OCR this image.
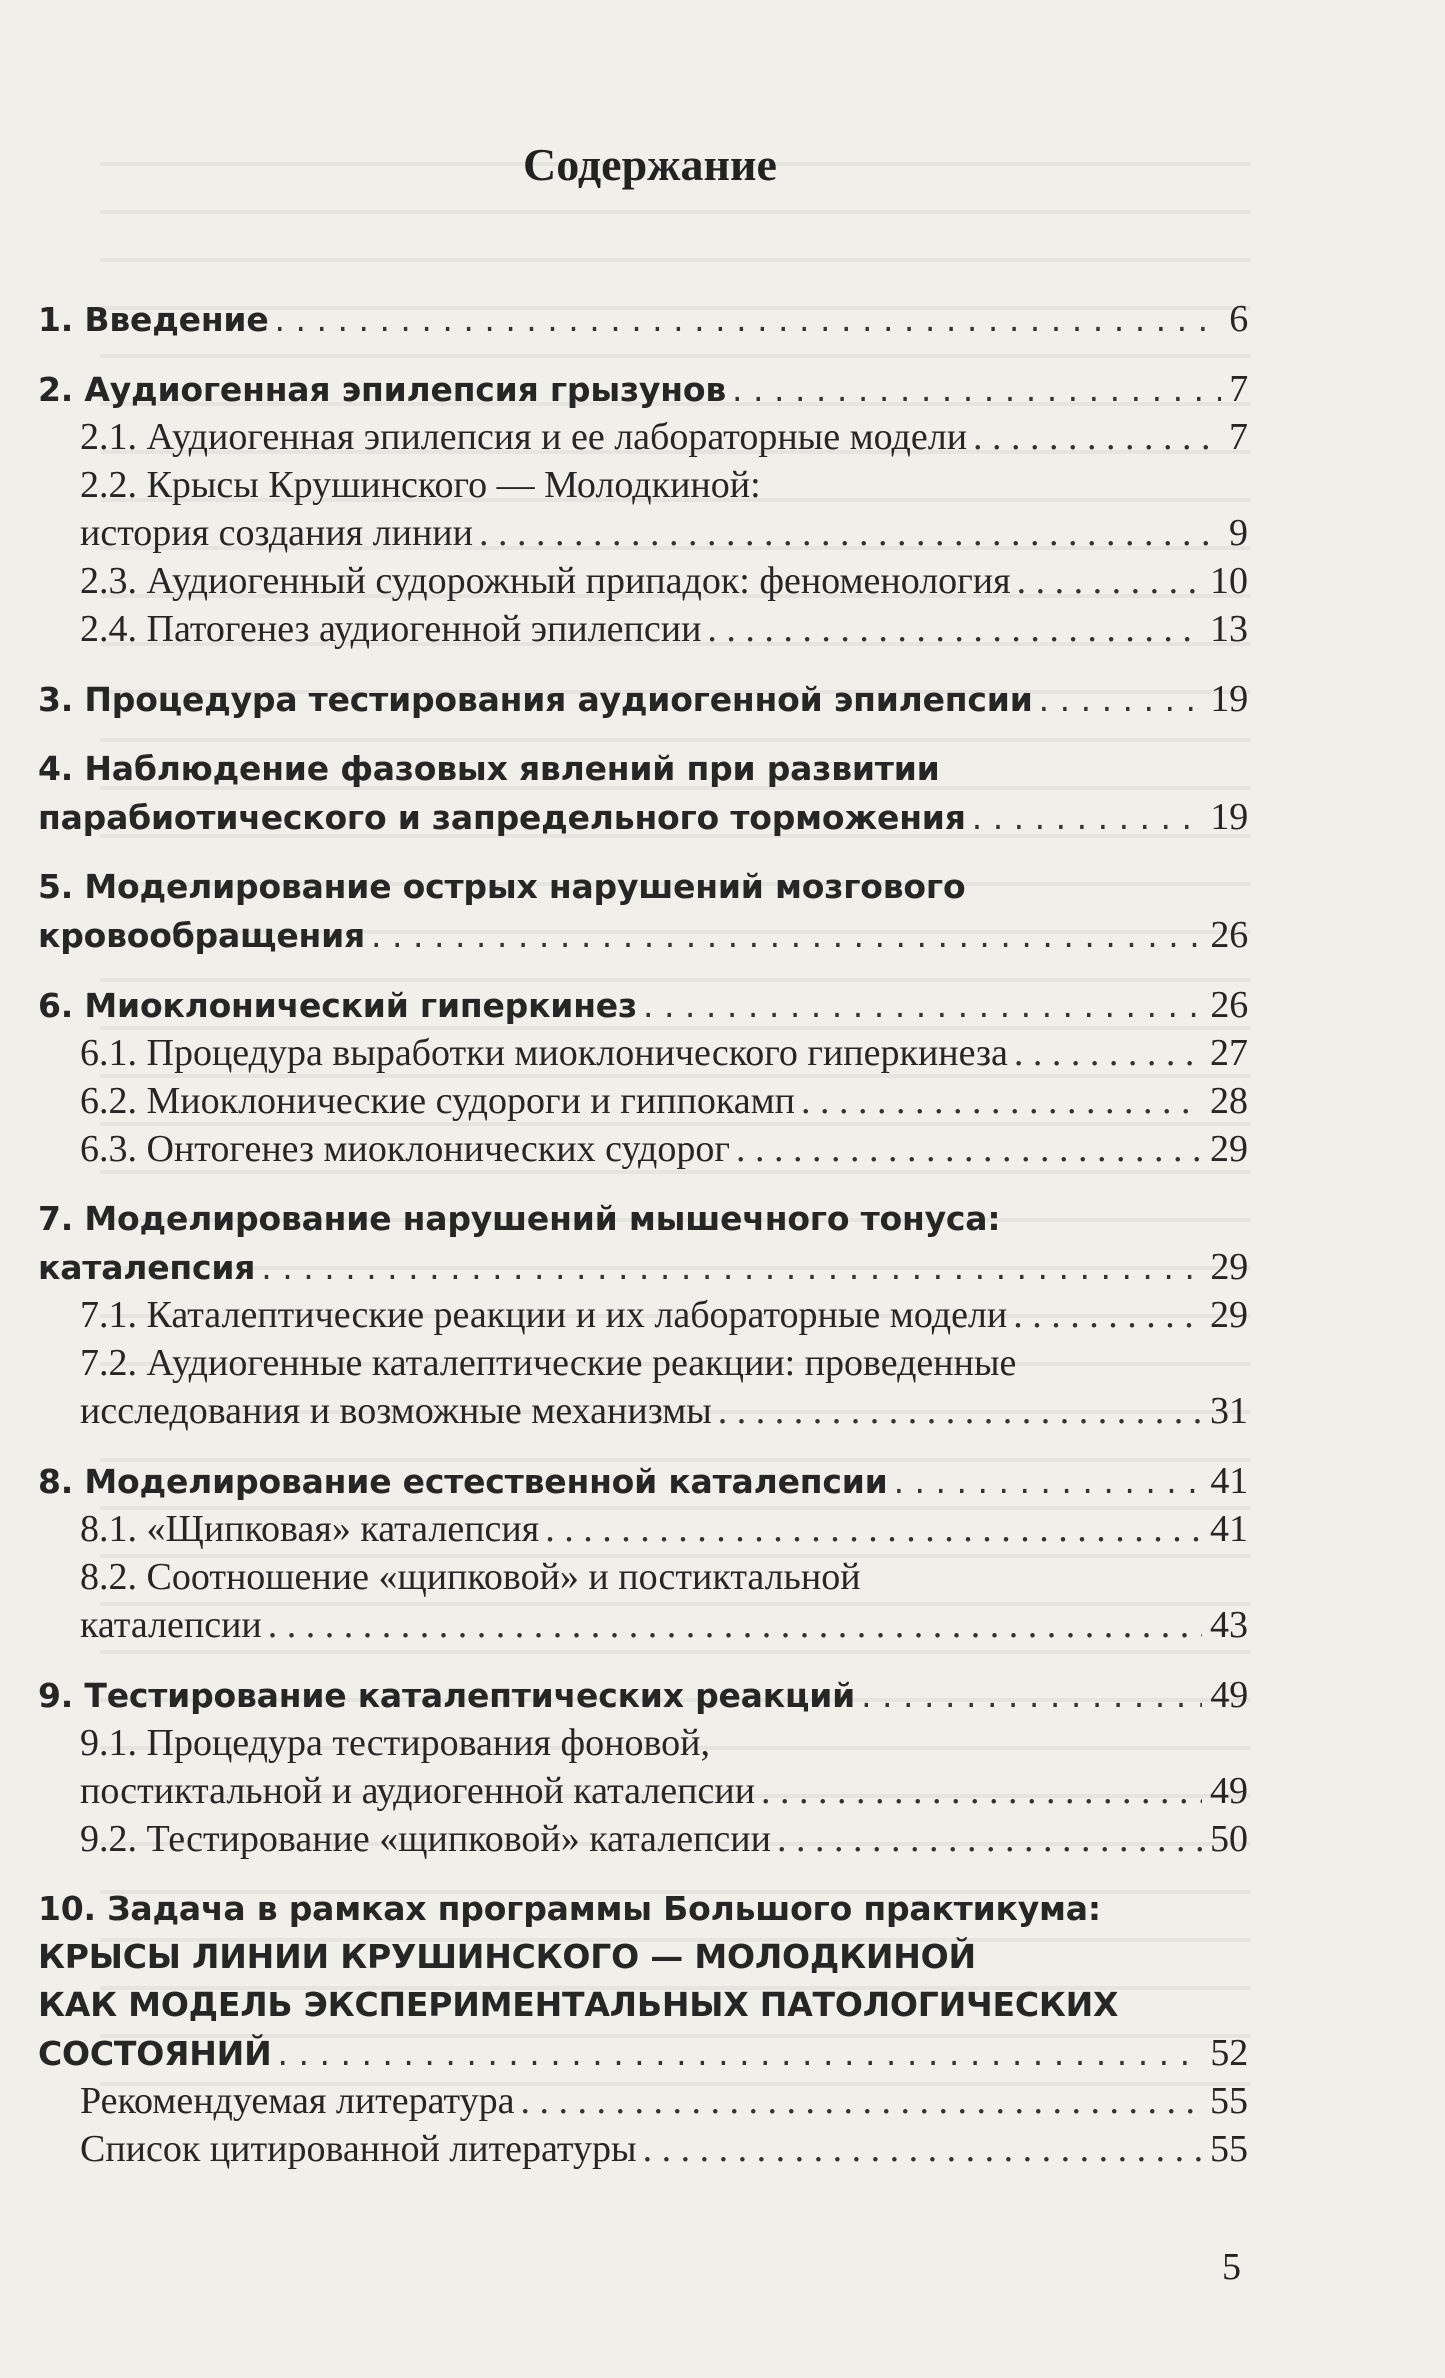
Содержание
1. Введение . . .	6
2. Аудиогенная эпилепсия грызунов . . .	7
2.1. Аудиогенная эпилепсия и ее лабораторные модели . . .	7
2.2. Крысы Крушинского — Молодкиной:
история создания линии . . .	9
2.3. Аудиогенный судорожный припадок: феноменология . . .	10
2.4. Патогенез аудиогенной эпилепсии . . .	13
3. Процедура тестирования аудиогенной эпилепсии . . .	19
4. Наблюдение фазовых явлений при развитии
парабиотического и запредельного торможения . . .	19
5. Моделирование острых нарушений мозгового
кровообращения . . .	26
6. Миоклонический гиперкинез . . .	26
6.1. Процедура выработки миоклонического гиперкинеза . . .	27
6.2. Миоклонические судороги и гиппокамп . . .	28
6.3. Онтогенез миоклонических судорог . . .	29
7. Моделирование нарушений мышечного тонуса:
каталепсия . . .	29
7.1. Каталептические реакции и их лабораторные модели . . .	29
7.2. Аудиогенные каталептические реакции: проведенные
исследования и возможные механизмы . . .	31
8. Моделирование естественной каталепсии . . .	41
8.1. «Щипковая» каталепсия . . .	41
8.2. Соотношение «щипковой» и постиктальной
каталепсии . . .	43
9. Тестирование каталептических реакций . . .	49
9.1. Процедура тестирования фоновой,
постиктальной и аудиогенной каталепсии . . .	49
9.2. Тестирование «щипковой» каталепсии . . .	50
10. Задача в рамках программы Большого практикума:
КРЫСЫ ЛИНИИ КРУШИНСКОГО — МОЛОДКИНОЙ
КАК МОДЕЛЬ ЭКСПЕРИМЕНТАЛЬНЫХ ПАТОЛОГИЧЕСКИХ
СОСТОЯНИЙ . . .	52
Рекомендуемая литература . . .	55
Список цитированной литературы . . .	55
5
